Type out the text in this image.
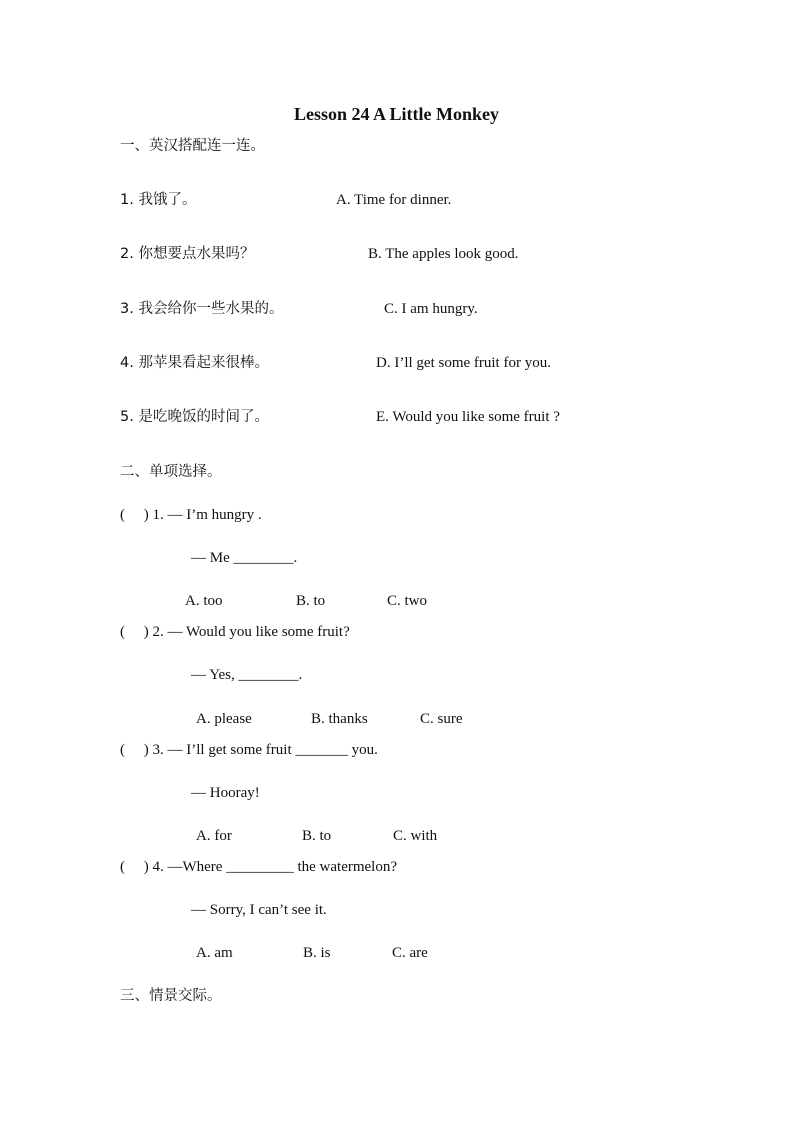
Lesson 24 A Little Monkey
一、英汉搭配连一连。
1. 我饿了。	A. Time for dinner.
2. 你想要点水果吗？	B. The apples look good.
3. 我会给你一些水果的。	C. I am hungry.
4. 那苹果看起来很棒。	D. I’ll get some fruit for you.
5. 是吃晚饭的时间了。	E. Would you like some fruit ?
二、单项选择。
(     ) 1. — I’m hungry .
— Me ________.
A. too	B. to	C. two
(     ) 2. — Would you like some fruit?
— Yes, ________.
A. please	B. thanks	C. sure
(     ) 3. — I’ll get some fruit _______ you.
— Hooray!
A. for	B. to	C. with
(     ) 4. —Where _________ the watermelon?
— Sorry, I can’t see it.
A. am	B. is	C. are
三、情景交际。
